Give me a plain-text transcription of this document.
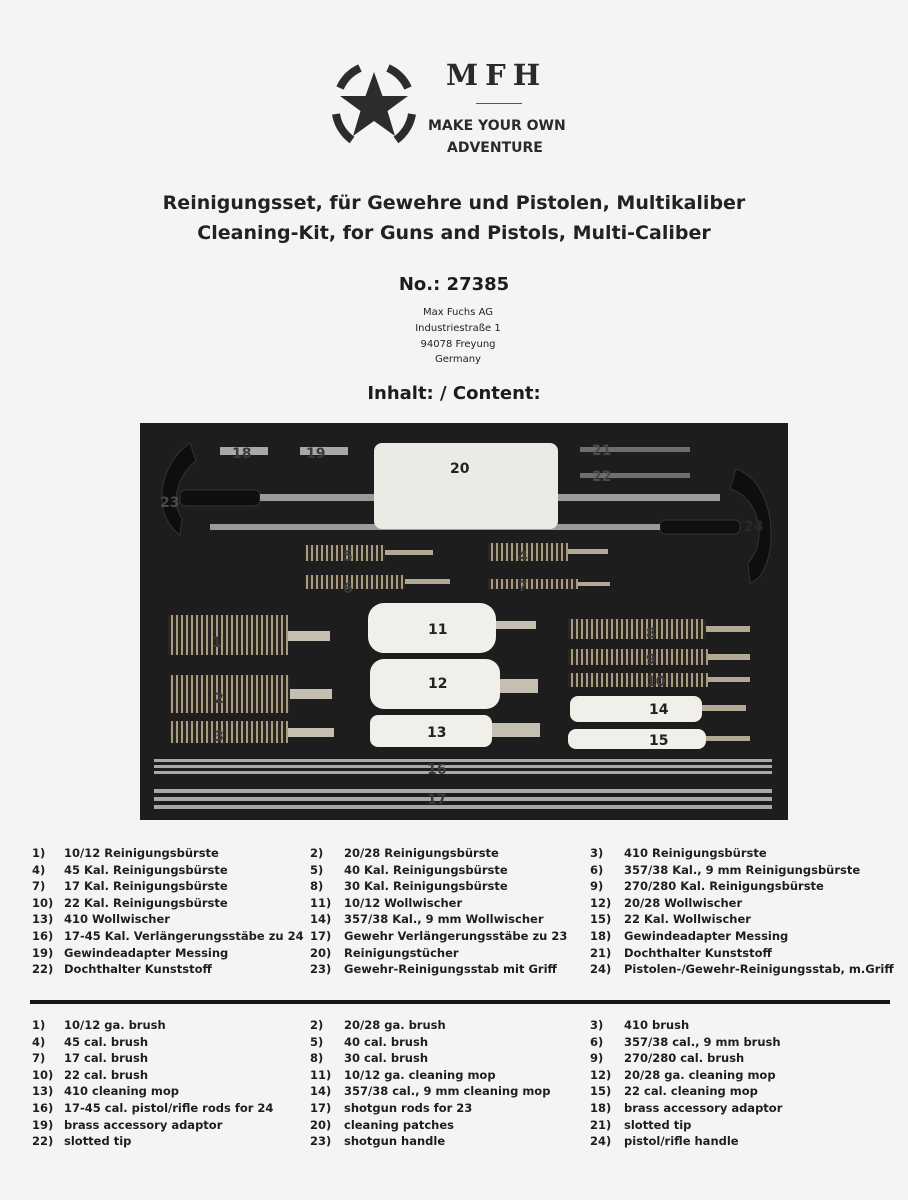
MFH
MAKE YOUR OWN
ADVENTURE
Reinigungsset, für Gewehre und Pistolen, Multikaliber
Cleaning-Kit, for Guns and Pistols, Multi-Caliber
No.: 27385
Max Fuchs AG
Industriestraße 1
94078 Freyung
Germany
Inhalt: / Content:
1
2
3
4
5
6	7
8
9
10
11
12
13
14
15
16
17
18	19
20
21
22
23
24
1) 10/12 Reinigungsbürste	2) 20/28 Reinigungsbürste	3) 410 Reinigungsbürste
4) 45 Kal. Reinigungsbürste	5) 40 Kal. Reinigungsbürste	6) 357/38 Kal., 9 mm Reinigungsbürste
7) 17 Kal. Reinigungsbürste	8) 30 Kal. Reinigungsbürste	9) 270/280 Kal. Reinigungsbürste
10) 22 Kal. Reinigungsbürste	11) 10/12 Wollwischer	12) 20/28 Wollwischer
13) 410 Wollwischer	14) 357/38 Kal., 9 mm Wollwischer	15) 22 Kal. Wollwischer
16) 17-45 Kal. Verlängerungsstäbe zu 24 17) Gewehr Verlängerungsstäbe zu 23 18) Gewindeadapter Messing
19) Gewindeadapter Messing	20) Reinigungstücher	21) Dochthalter Kunststoff
22) Dochthalter Kunststoff	23) Gewehr-Reinigungsstab mit Griff	24) Pistolen-/Gewehr-Reinigungsstab, m.Griff
1) 10/12 ga. brush	2) 20/28 ga. brush	3) 410 brush
4) 45 cal. brush	5) 40 cal. brush	6) 357/38 cal., 9 mm brush
7) 17 cal. brush	8) 30 cal. brush	9) 270/280 cal. brush
10) 22 cal. brush	11) 10/12 ga. cleaning mop	12) 20/28 ga. cleaning mop
13) 410 cleaning mop	14) 357/38 cal., 9 mm cleaning mop	15) 22 cal. cleaning mop
16) 17-45 cal. pistol/rifle rods for 24	17) shotgun rods for 23	18) brass accessory adaptor
19) brass accessory adaptor	20) cleaning patches	21) slotted tip
22) slotted tip	23) shotgun handle	24) pistol/rifle handle
